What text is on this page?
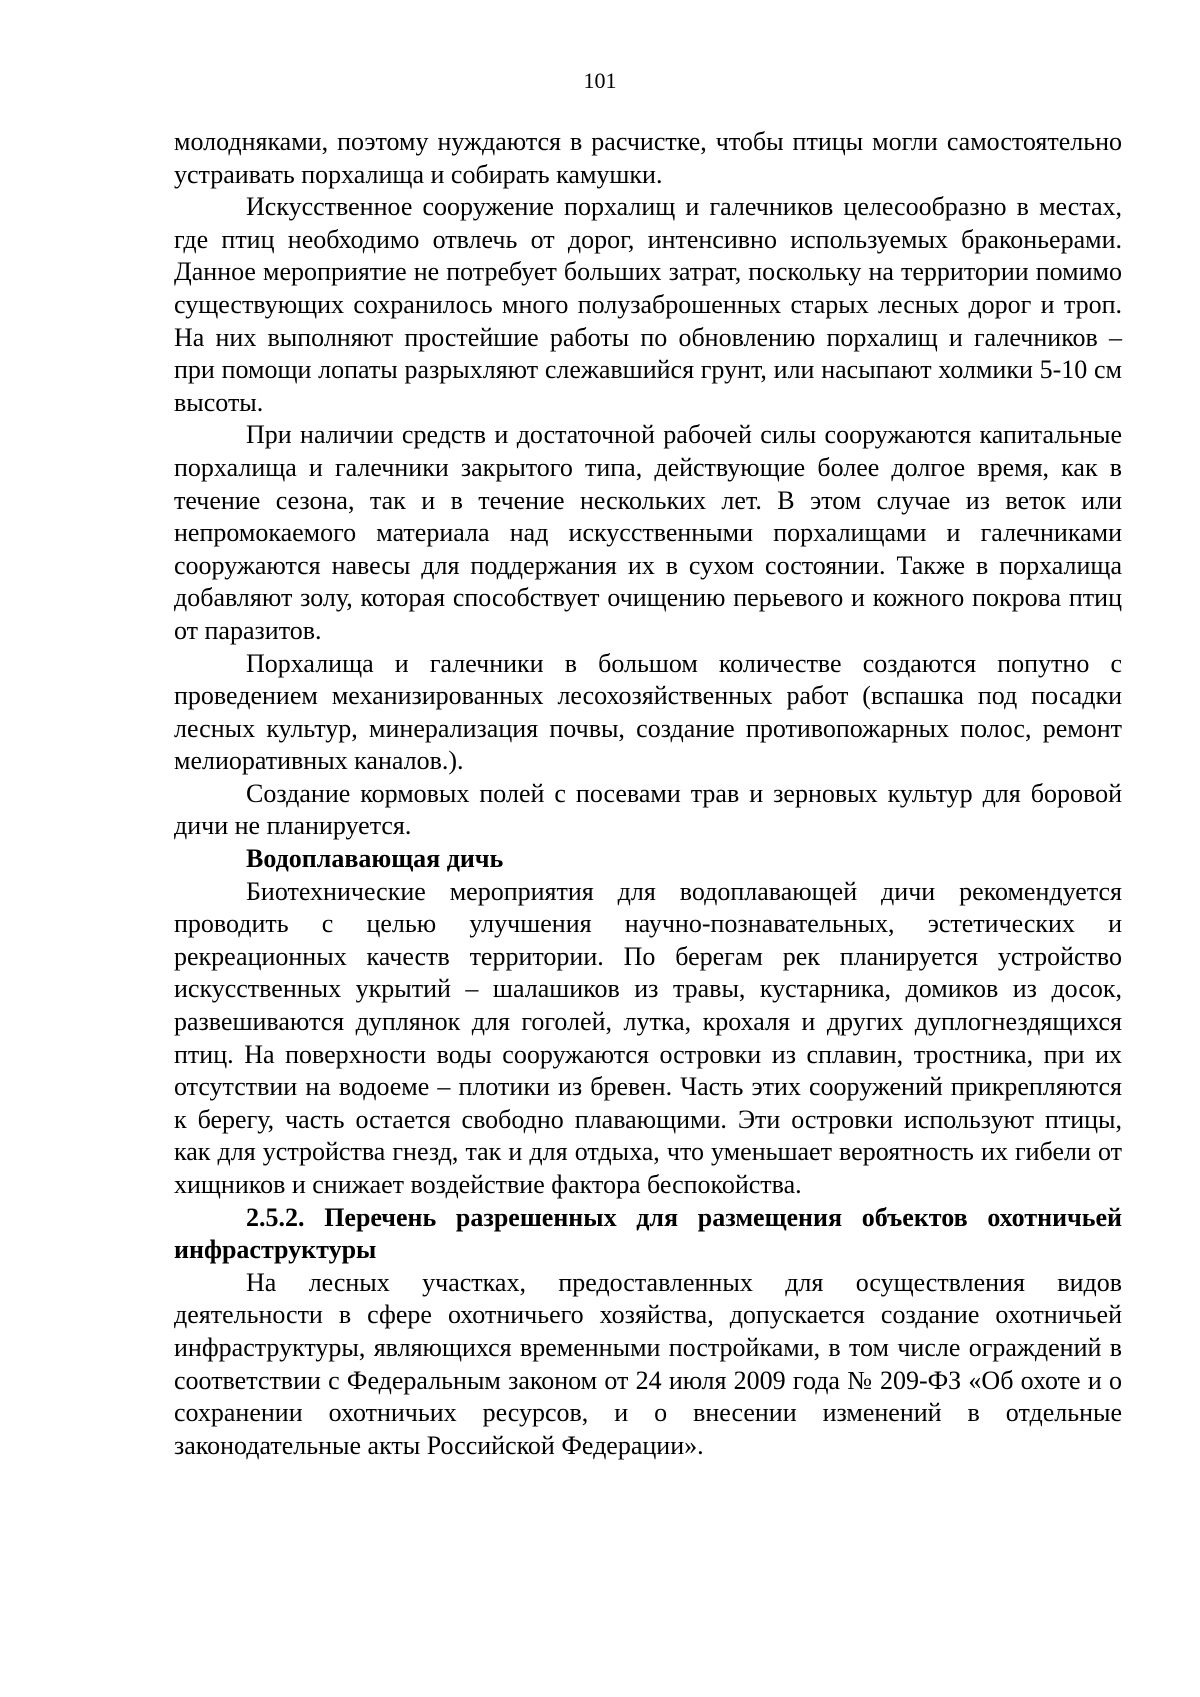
101

молодняками, поэтому нуждаются в расчистке, чтобы птицы могли самостоятельно устраивать порхалища и собирать камушки.

Искусственное сооружение порхалищ и галечников целесообразно в местах, где птиц необходимо отвлечь от дорог, интенсивно используемых браконьерами. Данное мероприятие не потребует больших затрат, поскольку на территории помимо существующих сохранилось много полузаброшенных старых лесных дорог и троп. На них выполняют простейшие работы по обновлению порхалищ и галечников – при помощи лопаты разрыхляют слежавшийся грунт, или насыпают холмики 5-10 см высоты.

При наличии средств и достаточной рабочей силы сооружаются капитальные порхалища и галечники закрытого типа, действующие более долгое время, как в течение сезона, так и в течение нескольких лет. В этом случае из веток или непромокаемого материала над искусственными порхалищами и галечниками сооружаются навесы для поддержания их в сухом состоянии. Также в порхалища добавляют золу, которая способствует очищению перьевого и кожного покрова птиц от паразитов.

Порхалища и галечники в большом количестве создаются попутно с проведением механизированных лесохозяйственных работ (вспашка под посадки лесных культур, минерализация почвы, создание противопожарных полос, ремонт мелиоративных каналов.).

Создание кормовых полей с посевами трав и зерновых культур для боровой дичи не планируется.

Водоплавающая дичь

Биотехнические мероприятия для водоплавающей дичи рекомендуется проводить с целью улучшения научно-познавательных, эстетических и рекреационных качеств территории. По берегам рек планируется устройство искусственных укрытий – шалашиков из травы, кустарника, домиков из досок, развешиваются дуплянок для гоголей, лутка, крохаля и других дуплогнездящихся птиц. На поверхности воды сооружаются островки из сплавин, тростника, при их отсутствии на водоеме – плотики из бревен. Часть этих сооружений прикрепляются к берегу, часть остается свободно плавающими. Эти островки используют птицы, как для устройства гнезд, так и для отдыха, что уменьшает вероятность их гибели от хищников и снижает воздействие фактора беспокойства.

2.5.2. Перечень разрешенных для размещения объектов охотничьей инфраструктуры

На лесных участках, предоставленных для осуществления видов деятельности в сфере охотничьего хозяйства, допускается создание охотничьей инфраструктуры, являющихся временными постройками, в том числе ограждений в соответствии с Федеральным законом от 24 июля 2009 года № 209-ФЗ «Об охоте и о сохранении охотничьих ресурсов, и о внесении изменений в отдельные законодательные акты Российской Федерации».
